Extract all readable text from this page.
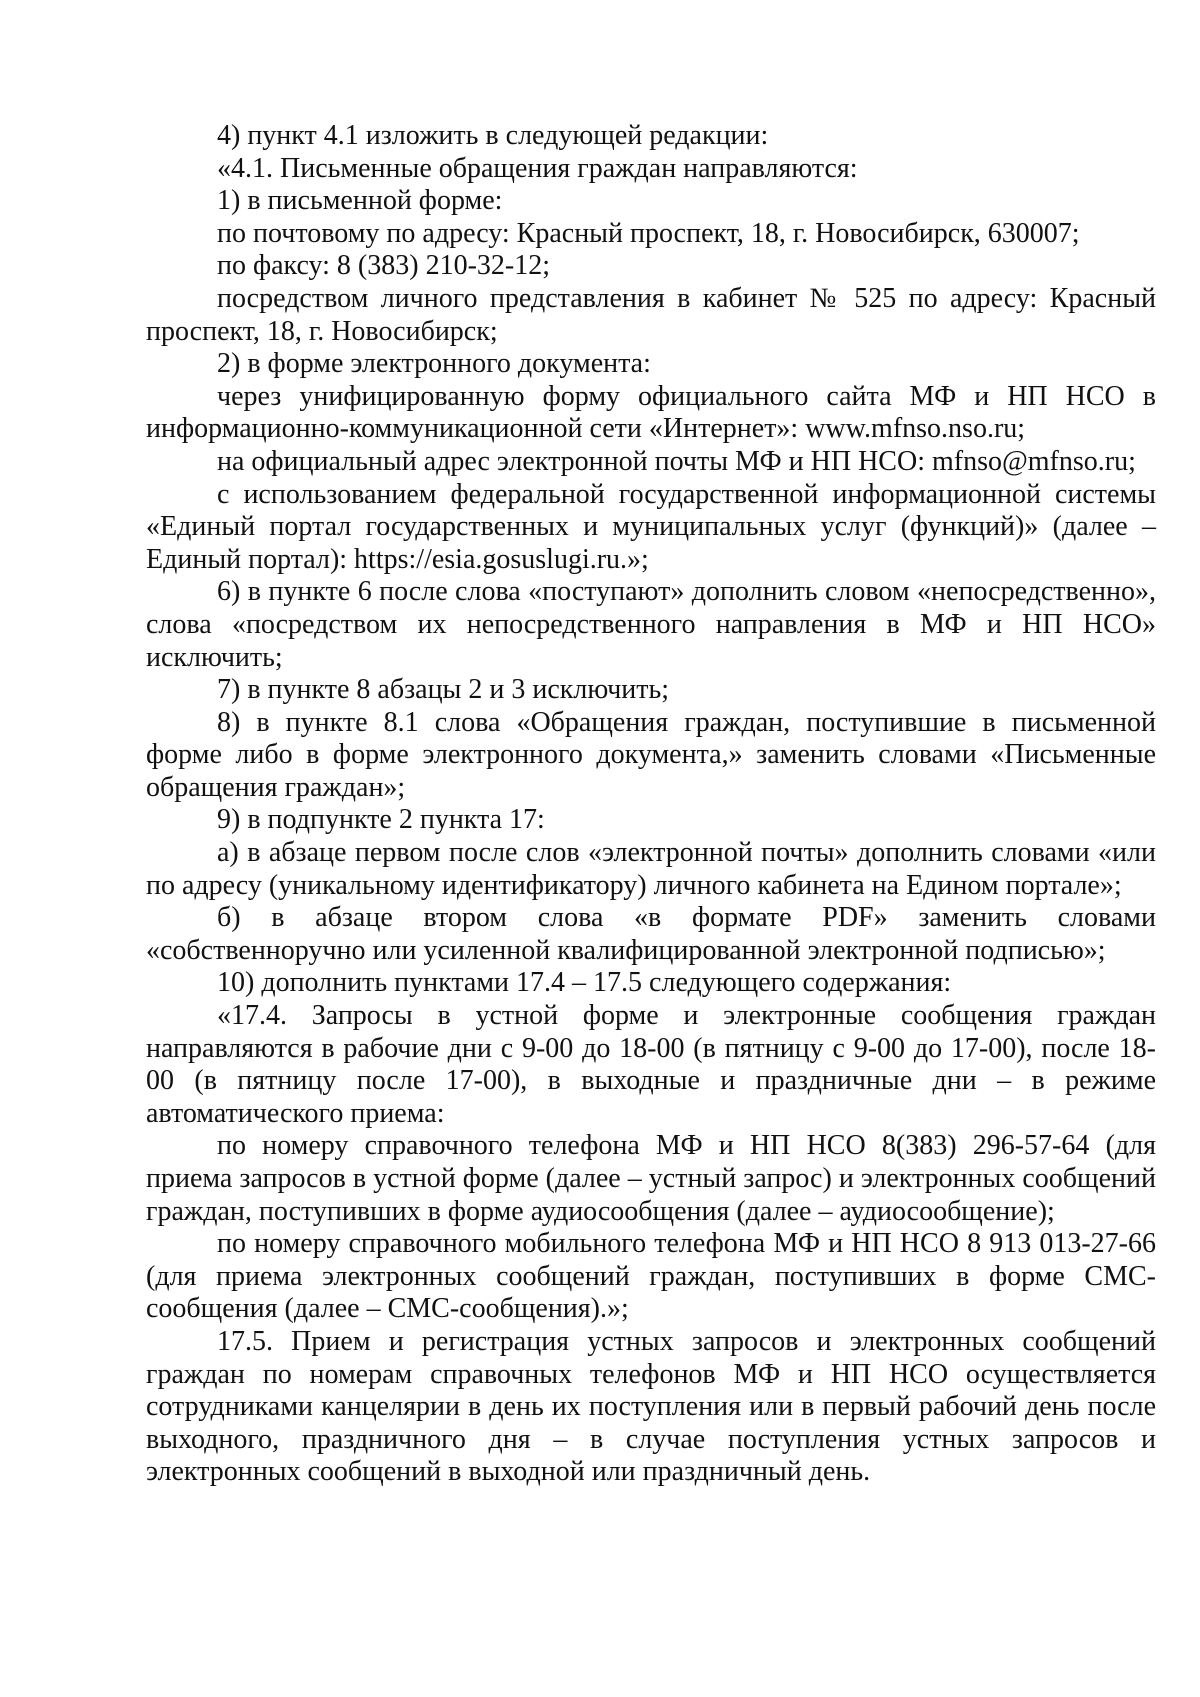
4) пункт 4.1 изложить в следующей редакции:

«4.1. Письменные обращения граждан направляются:

1) в письменной форме:

по почтовому по адресу: Красный проспект, 18, г. Новосибирск, 630007;

по факсу: 8 (383) 210-32-12;

посредством личного представления в кабинет № 525 по адресу: Красный проспект, 18, г. Новосибирск;

2) в форме электронного документа:

через унифицированную форму официального сайта МФ и НП НСО в информационно-коммуникационной сети «Интернет»: www.mfnso.nso.ru;

на официальный адрес электронной почты МФ и НП НСО: mfnso@mfnso.ru;

с использованием федеральной государственной информационной системы «Единый портал государственных и муниципальных услуг (функций)» (далее – Единый портал): https://esia.gosuslugi.ru.»;

6) в пункте 6 после слова «поступают» дополнить словом «непосредственно», слова «посредством их непосредственного направления в МФ и НП НСО» исключить;

7) в пункте 8 абзацы 2 и 3 исключить;

8) в пункте 8.1 слова «Обращения граждан, поступившие в письменной форме либо в форме электронного документа,» заменить словами «Письменные обращения граждан»;

9) в подпункте 2 пункта 17:

а) в абзаце первом после слов «электронной почты» дополнить словами «или по адресу (уникальному идентификатору) личного кабинета на Едином портале»;

б) в абзаце втором слова «в формате PDF» заменить словами «собственноручно или усиленной квалифицированной электронной подписью»;

10) дополнить пунктами 17.4 – 17.5 следующего содержания:

«17.4. Запросы в устной форме и электронные сообщения граждан направляются в рабочие дни с 9-00 до 18-00 (в пятницу с 9-00 до 17-00), после 18-00 (в пятницу после 17-00), в выходные и праздничные дни – в режиме автоматического приема:

по номеру справочного телефона МФ и НП НСО 8(383) 296-57-64 (для приема запросов в устной форме (далее – устный запрос) и электронных сообщений граждан, поступивших в форме аудиосообщения (далее – аудиосообщение);

по номеру справочного мобильного телефона МФ и НП НСО 8 913 013-27-66 (для приема электронных сообщений граждан, поступивших в форме СМС-сообщения (далее – СМС-сообщения).»;

17.5. Прием и регистрация устных запросов и электронных сообщений граждан по номерам справочных телефонов МФ и НП НСО осуществляется сотрудниками канцелярии в день их поступления или в первый рабочий день после выходного, праздничного дня – в случае поступления устных запросов и электронных сообщений в выходной или праздничный день.
